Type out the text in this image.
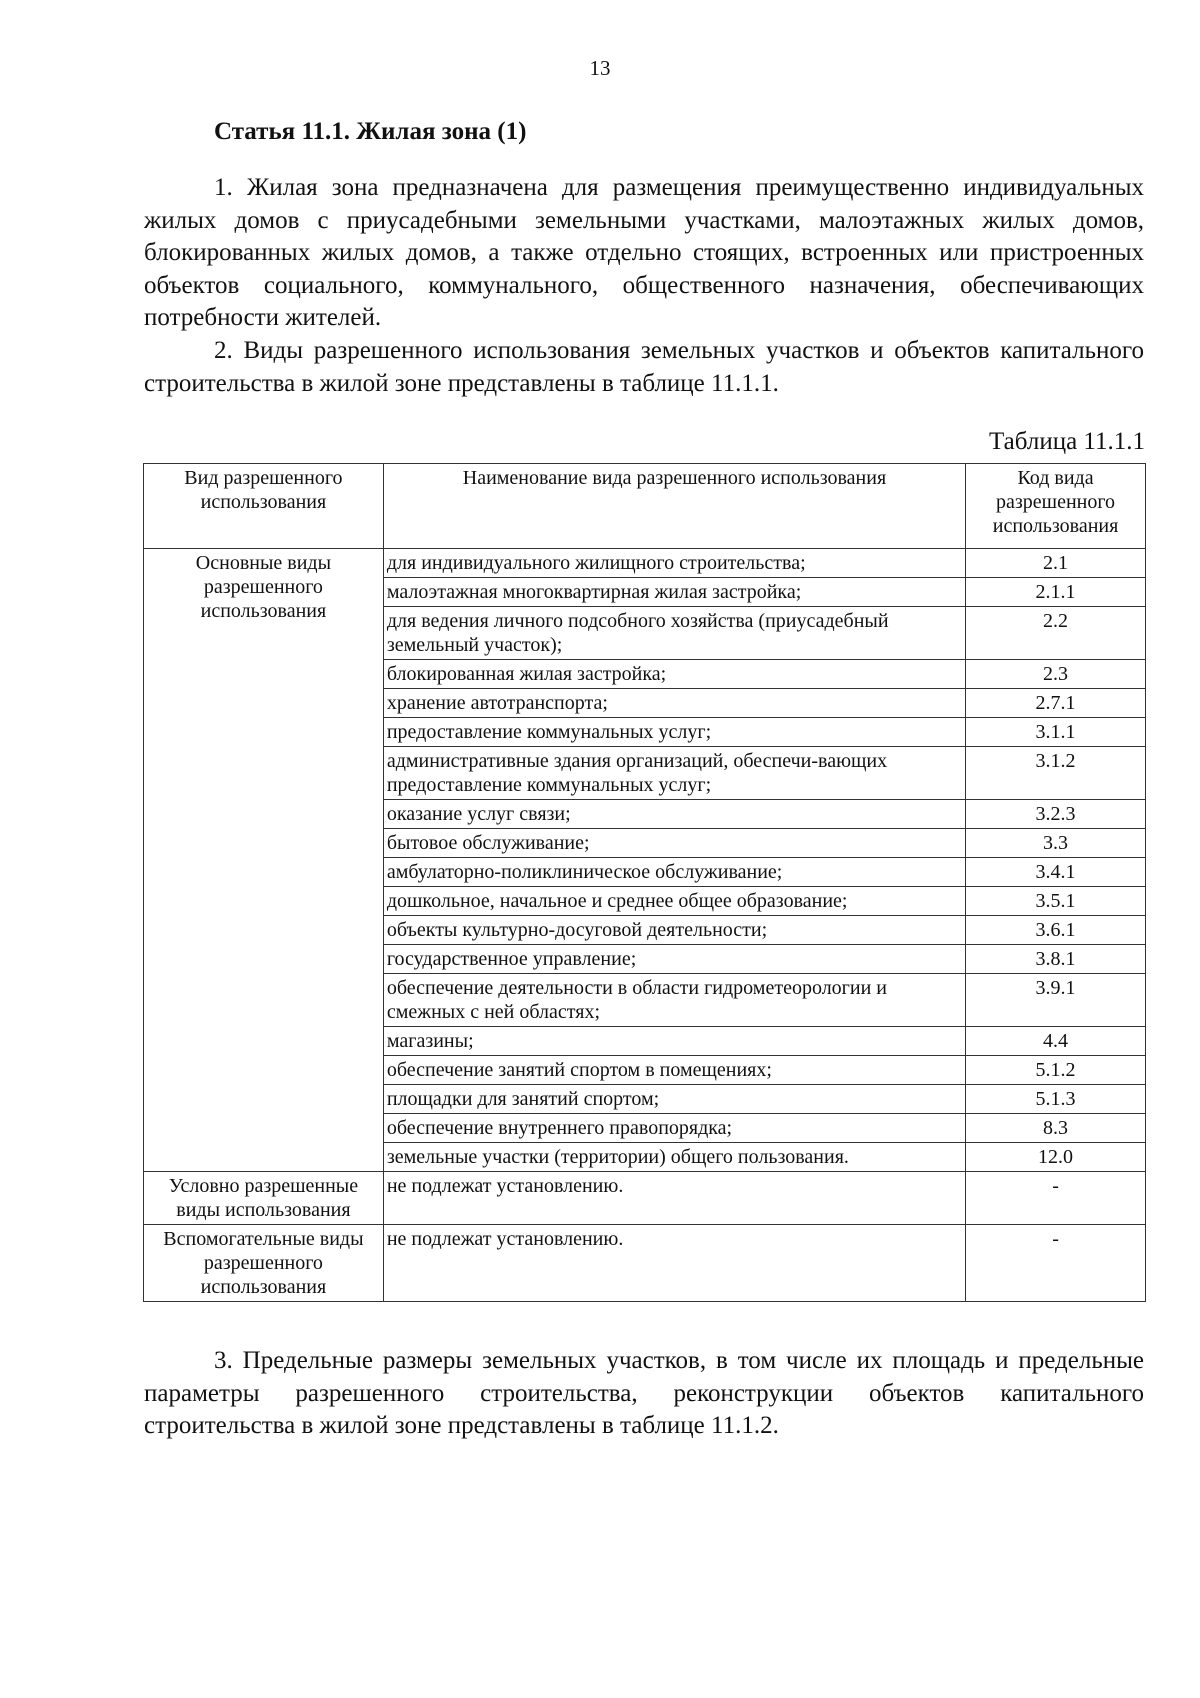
13
Статья 11.1. Жилая зона (1)

1. Жилая зона предназначена для размещения преимущественно индивидуальных жилых домов с приусадебными земельными участками, малоэтажных жилых домов, блокированных жилых домов, а также отдельно стоящих, встроенных или пристроенных объектов социального, коммунального, общественного назначения, обеспечивающих потребности жителей.

2. Виды разрешенного использования земельных участков и объектов капитального строительства в жилой зоне представлены в таблице 11.1.1.

Таблица 11.1.1
Вид разрешенного использования	Наименование вида разрешенного использования	Код вида разрешенного использования
Основные виды разрешенного использования	для индивидуального жилищного строительства;	2.1
	малоэтажная многоквартирная жилая застройка;	2.1.1
	для ведения личного подсобного хозяйства (приусадебный земельный участок);	2.2
	блокированная жилая застройка;	2.3
	хранение автотранспорта;	2.7.1
	предоставление коммунальных услуг;	3.1.1
	административные здания организаций, обеспечи-вающих предоставление коммунальных услуг;	3.1.2
	оказание услуг связи;	3.2.3
	бытовое обслуживание;	3.3
	амбулаторно-поликлиническое обслуживание;	3.4.1
	дошкольное, начальное и среднее общее образование;	3.5.1
	объекты культурно-досуговой деятельности;	3.6.1
	государственное управление;	3.8.1
	обеспечение деятельности в области гидрометеорологии и смежных с ней областях;	3.9.1
	магазины;	4.4
	обеспечение занятий спортом в помещениях;	5.1.2
	площадки для занятий спортом;	5.1.3
	обеспечение внутреннего правопорядка;	8.3
	земельные участки (территории) общего пользования.	12.0
Условно разрешенные виды использования	не подлежат установлению.	-
Вспомогательные виды разрешенного использования	не подлежат установлению.	-

3. Предельные размеры земельных участков, в том числе их площадь и предельные параметры разрешенного строительства, реконструкции объектов капитального строительства в жилой зоне представлены в таблице 11.1.2.
